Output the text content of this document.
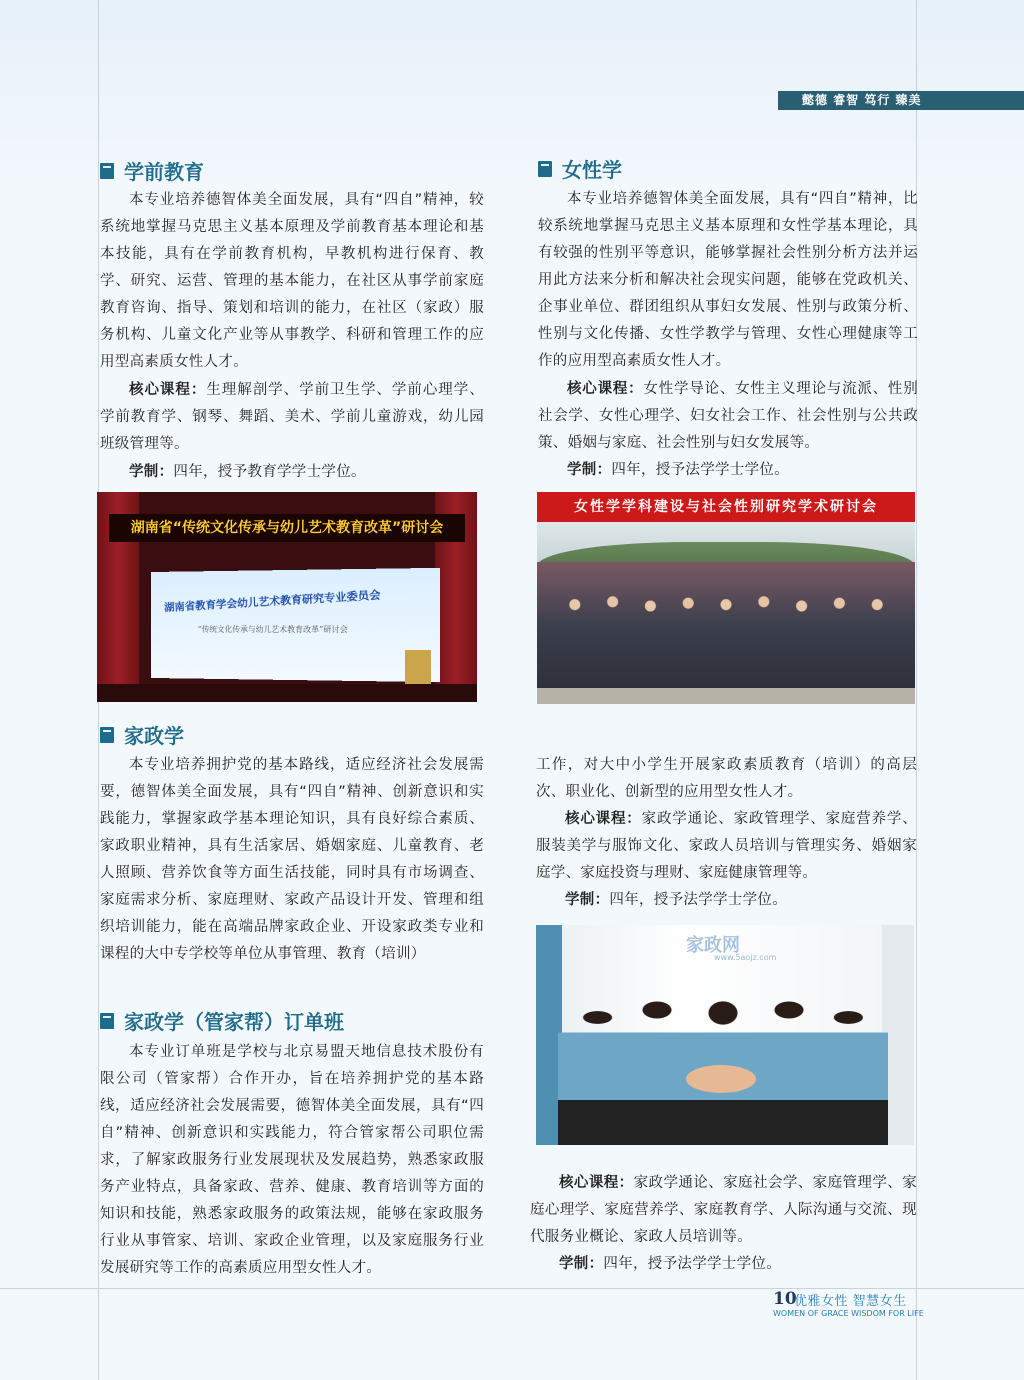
懿德 睿智 笃行 臻美
学前教育

本专业培养德智体美全面发展，具有“四自”精神，较系统地掌握马克思主义基本原理及学前教育基本理论和基本技能，具有在学前教育机构，早教机构进行保育、教学、研究、运营、管理的基本能力，在社区从事学前家庭教育咨询、指导、策划和培训的能力，在社区（家政）服务机构、儿童文化产业等从事教学、科研和管理工作的应用型高素质女性人才。

核心课程：生理解剖学、学前卫生学、学前心理学、学前教育学、钢琴、舞蹈、美术、学前儿童游戏，幼儿园班级管理等。

学制：四年，授予教育学学士学位。

女性学

本专业培养德智体美全面发展，具有“四自”精神，比较系统地掌握马克思主义基本原理和女性学基本理论，具有较强的性别平等意识，能够掌握社会性别分析方法并运用此方法来分析和解决社会现实问题，能够在党政机关、企事业单位、群团组织从事妇女发展、性别与政策分析、性别与文化传播、女性学教学与管理、女性心理健康等工作的应用型高素质女性人才。

核心课程：女性学导论、女性主义理论与流派、性别社会学、女性心理学、妇女社会工作、社会性别与公共政策、婚姻与家庭、社会性别与妇女发展等。

学制：四年，授予法学学士学位。

湖南省“传统文化传承与幼儿艺术教育改革”研讨会
湖南省教育学会幼儿艺术教育研究专业委员会
“传统文化传承与幼儿艺术教育改革”研讨会
女性学学科建设与社会性别研究学术研讨会
家政学

本专业培养拥护党的基本路线，适应经济社会发展需要，德智体美全面发展，具有“四自”精神、创新意识和实践能力，掌握家政学基本理论知识，具有良好综合素质、家政职业精神，具有生活家居、婚姻家庭、儿童教育、老人照顾、营养饮食等方面生活技能，同时具有市场调查、家庭需求分析、家庭理财、家政产品设计开发、管理和组织培训能力，能在高端品牌家政企业、开设家政类专业和课程的大中专学校等单位从事管理、教育（培训）

工作，对大中小学生开展家政素质教育（培训）的高层次、职业化、创新型的应用型女性人才。

核心课程：家政学通论、家政管理学、家庭营养学、服装美学与服饰文化、家政人员培训与管理实务、婚姻家庭学、家庭投资与理财、家庭健康管理等。

学制：四年，授予法学学士学位。

家政网
www.5aojz.com
家政学（管家帮）订单班

本专业订单班是学校与北京易盟天地信息技术股份有限公司（管家帮）合作开办，旨在培养拥护党的基本路线，适应经济社会发展需要，德智体美全面发展，具有“四自”精神、创新意识和实践能力，符合管家帮公司职位需求，了解家政服务行业发展现状及发展趋势，熟悉家政服务产业特点，具备家政、营养、健康、教育培训等方面的知识和技能，熟悉家政服务的政策法规，能够在家政服务行业从事管家、培训、家政企业管理，以及家庭服务行业发展研究等工作的高素质应用型女性人才。

核心课程：家政学通论、家庭社会学、家庭管理学、家庭心理学、家庭营养学、家庭教育学、人际沟通与交流、现代服务业概论、家政人员培训等。

学制：四年，授予法学学士学位。

10
优雅女性 智慧女生
WOMEN OF GRACE WISDOM FOR LIFE
